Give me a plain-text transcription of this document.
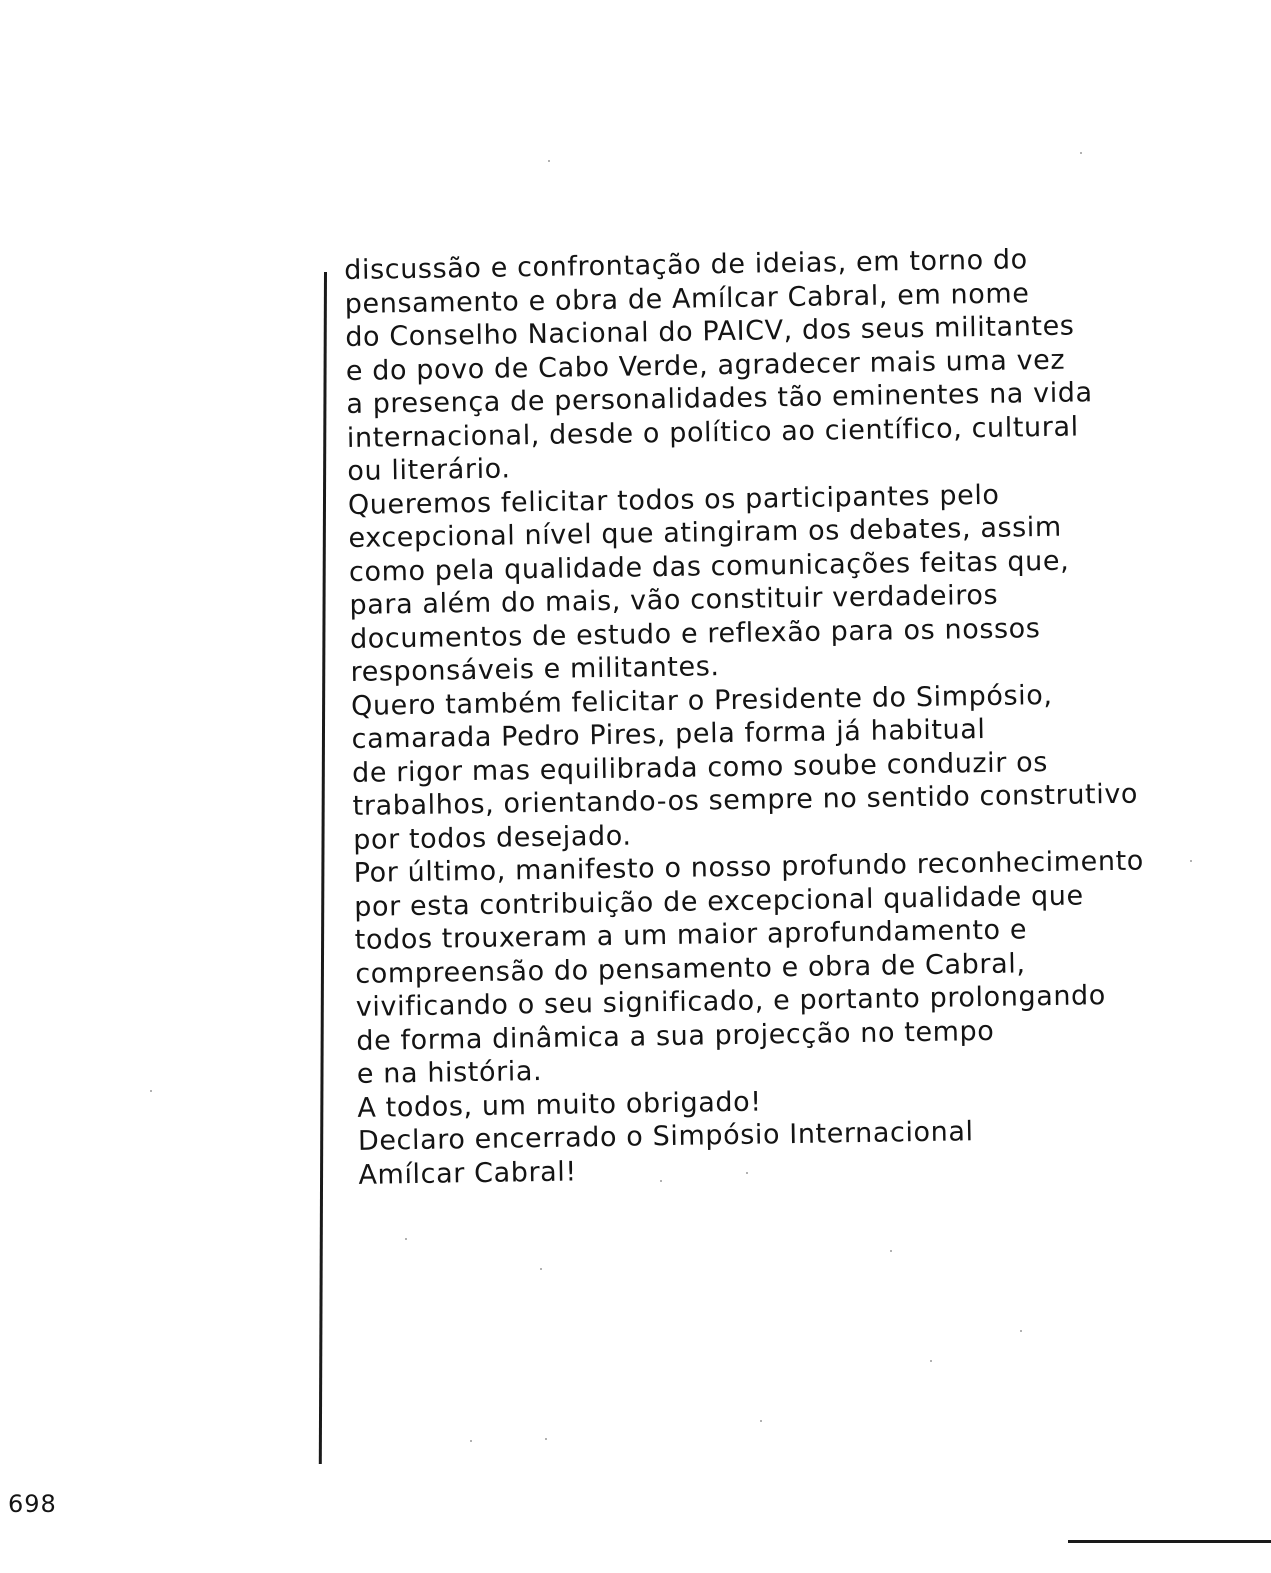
discussão e confrontação de ideias, em torno do
pensamento e obra de Amílcar Cabral, em nome
do Conselho Nacional do PAICV, dos seus militantes
e do povo de Cabo Verde, agradecer mais uma vez
a presença de personalidades tão eminentes na vida
internacional, desde o político ao científico, cultural
ou literário.
Queremos felicitar todos os participantes pelo
excepcional nível que atingiram os debates, assim
como pela qualidade das comunicações feitas que,
para além do mais, vão constituir verdadeiros
documentos de estudo e reflexão para os nossos
responsáveis e militantes.
Quero também felicitar o Presidente do Simpósio,
camarada Pedro Pires, pela forma já habitual
de rigor mas equilibrada como soube conduzir os
trabalhos, orientando-os sempre no sentido construtivo
por todos desejado.
Por último, manifesto o nosso profundo reconhecimento
por esta contribuição de excepcional qualidade que
todos trouxeram a um maior aprofundamento e
compreensão do pensamento e obra de Cabral,
vivificando o seu significado, e portanto prolongando
de forma dinâmica a sua projecção no tempo
e na história.
A todos, um muito obrigado!
Declaro encerrado o Simpósio Internacional
Amílcar Cabral!
698
